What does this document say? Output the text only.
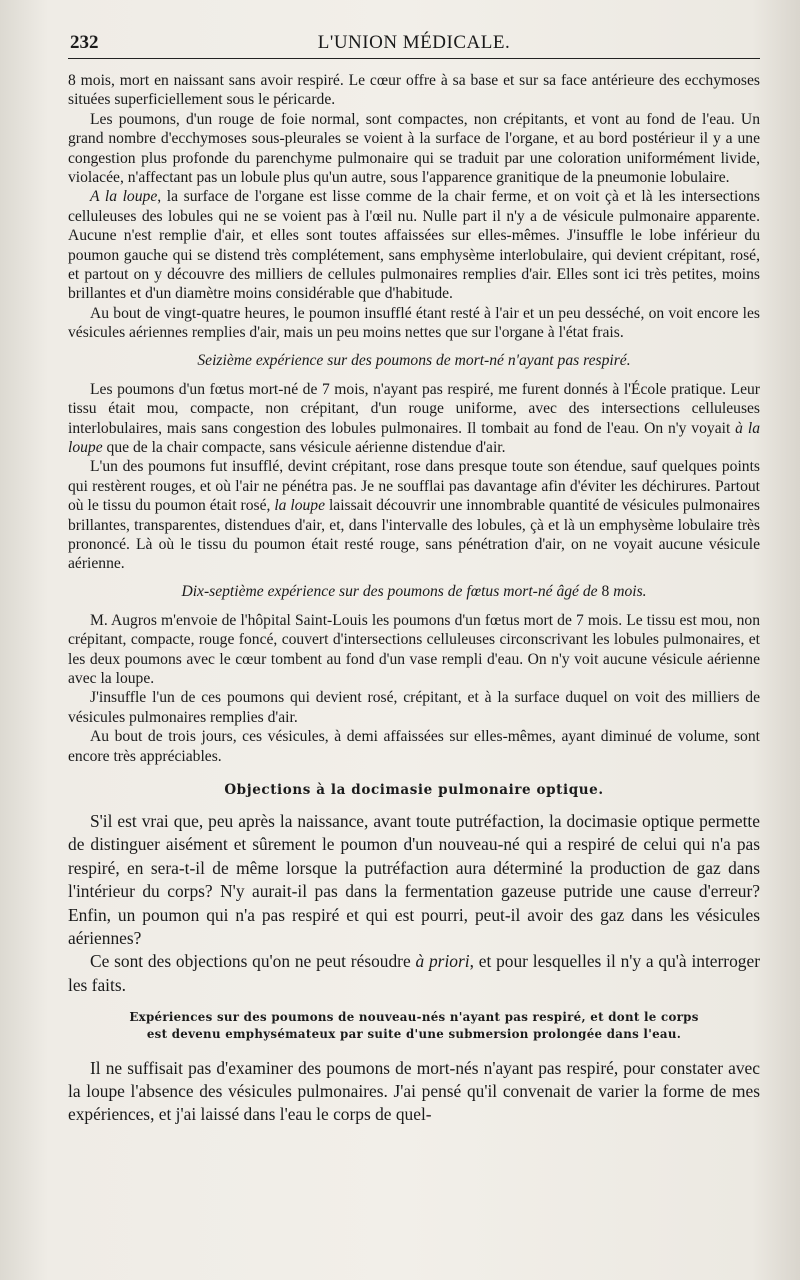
232	L'UNION MÉDICALE.

8 mois, mort en naissant sans avoir respiré. Le cœur offre à sa base et sur sa face antérieure des ecchymoses situées superficiellement sous le péricarde.

Les poumons, d'un rouge de foie normal, sont compactes, non crépitants, et vont au fond de l'eau. Un grand nombre d'ecchymoses sous-pleurales se voient à la surface de l'organe, et au bord postérieur il y a une congestion plus profonde du parenchyme pulmonaire qui se traduit par une coloration uniformément livide, violacée, n'affectant pas un lobule plus qu'un autre, sous l'apparence granitique de la pneumonie lobulaire.

A la loupe, la surface de l'organe est lisse comme de la chair ferme, et on voit çà et là les intersections celluleuses des lobules qui ne se voient pas à l'œil nu. Nulle part il n'y a de vésicule pulmonaire apparente. Aucune n'est remplie d'air, et elles sont toutes affaissées sur elles-mêmes. J'insuffle le lobe inférieur du poumon gauche qui se distend très complétement, sans emphysème interlobulaire, qui devient crépitant, rosé, et partout on y découvre des milliers de cellules pulmonaires remplies d'air. Elles sont ici très petites, moins brillantes et d'un diamètre moins considérable que d'habitude.

Au bout de vingt-quatre heures, le poumon insufflé étant resté à l'air et un peu desséché, on voit encore les vésicules aériennes remplies d'air, mais un peu moins nettes que sur l'organe à l'état frais.

Seizième expérience sur des poumons de mort-né n'ayant pas respiré.

Les poumons d'un fœtus mort-né de 7 mois, n'ayant pas respiré, me furent donnés à l'École pratique. Leur tissu était mou, compacte, non crépitant, d'un rouge uniforme, avec des intersections celluleuses interlobulaires, mais sans congestion des lobules pulmonaires. Il tombait au fond de l'eau. On n'y voyait à la loupe que de la chair compacte, sans vésicule aérienne distendue d'air.

L'un des poumons fut insufflé, devint crépitant, rose dans presque toute son étendue, sauf quelques points qui restèrent rouges, et où l'air ne pénétra pas. Je ne soufflai pas davantage afin d'éviter les déchirures. Partout où le tissu du poumon était rosé, la loupe laissait découvrir une innombrable quantité de vésicules pulmonaires brillantes, transparentes, distendues d'air, et, dans l'intervalle des lobules, çà et là un emphysème lobulaire très prononcé. Là où le tissu du poumon était resté rouge, sans pénétration d'air, on ne voyait aucune vésicule aérienne.

Dix-septième expérience sur des poumons de fœtus mort-né âgé de 8 mois.

M. Augros m'envoie de l'hôpital Saint-Louis les poumons d'un fœtus mort de 7 mois. Le tissu est mou, non crépitant, compacte, rouge foncé, couvert d'intersections celluleuses circonscrivant les lobules pulmonaires, et les deux poumons avec le cœur tombent au fond d'un vase rempli d'eau. On n'y voit aucune vésicule aérienne avec la loupe.

J'insuffle l'un de ces poumons qui devient rosé, crépitant, et à la surface duquel on voit des milliers de vésicules pulmonaires remplies d'air.

Au bout de trois jours, ces vésicules, à demi affaissées sur elles-mêmes, ayant diminué de volume, sont encore très appréciables.

Objections à la docimasie pulmonaire optique.

S'il est vrai que, peu après la naissance, avant toute putréfaction, la docimasie optique permette de distinguer aisément et sûrement le poumon d'un nouveau-né qui a respiré de celui qui n'a pas respiré, en sera-t-il de même lorsque la putréfaction aura déterminé la production de gaz dans l'intérieur du corps? N'y aurait-il pas dans la fermentation gazeuse putride une cause d'erreur? Enfin, un poumon qui n'a pas respiré et qui est pourri, peut-il avoir des gaz dans les vésicules aériennes?

Ce sont des objections qu'on ne peut résoudre à priori, et pour lesquelles il n'y a qu'à interroger les faits.

Expériences sur des poumons de nouveau-nés n'ayant pas respiré, et dont le corps
est devenu emphysémateux par suite d'une submersion prolongée dans l'eau.

Il ne suffisait pas d'examiner des poumons de mort-nés n'ayant pas respiré, pour constater avec la loupe l'absence des vésicules pulmonaires. J'ai pensé qu'il convenait de varier la forme de mes expériences, et j'ai laissé dans l'eau le corps de quel-
